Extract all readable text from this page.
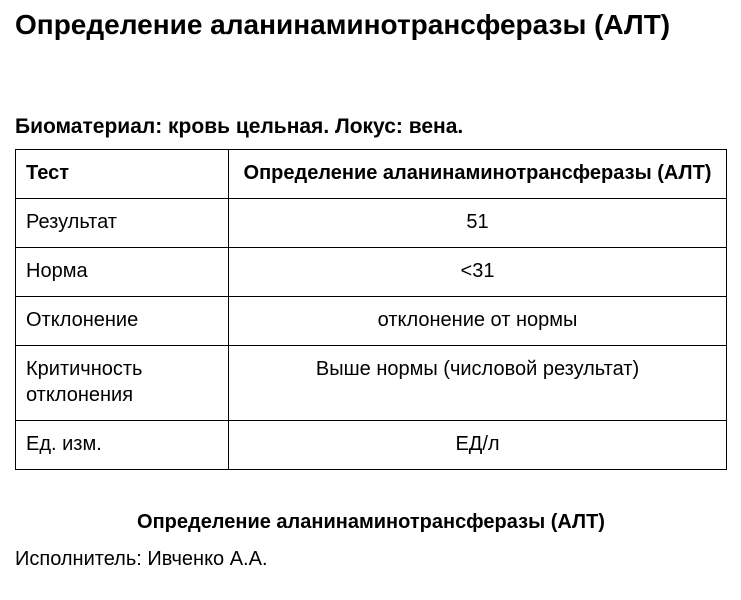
Определение аланинаминотрансферазы (АЛТ)

Биоматериал: кровь цельная. Локус: вена.

Тест	Определение аланинаминотрансферазы (АЛТ)
Результат	51
Норма	<31
Отклонение	отклонение от нормы
Критичность отклонения	Выше нормы (числовой результат)
Ед. изм.	ЕД/л

Определение аланинаминотрансферазы (АЛТ)

Исполнитель: Ивченко А.А.
